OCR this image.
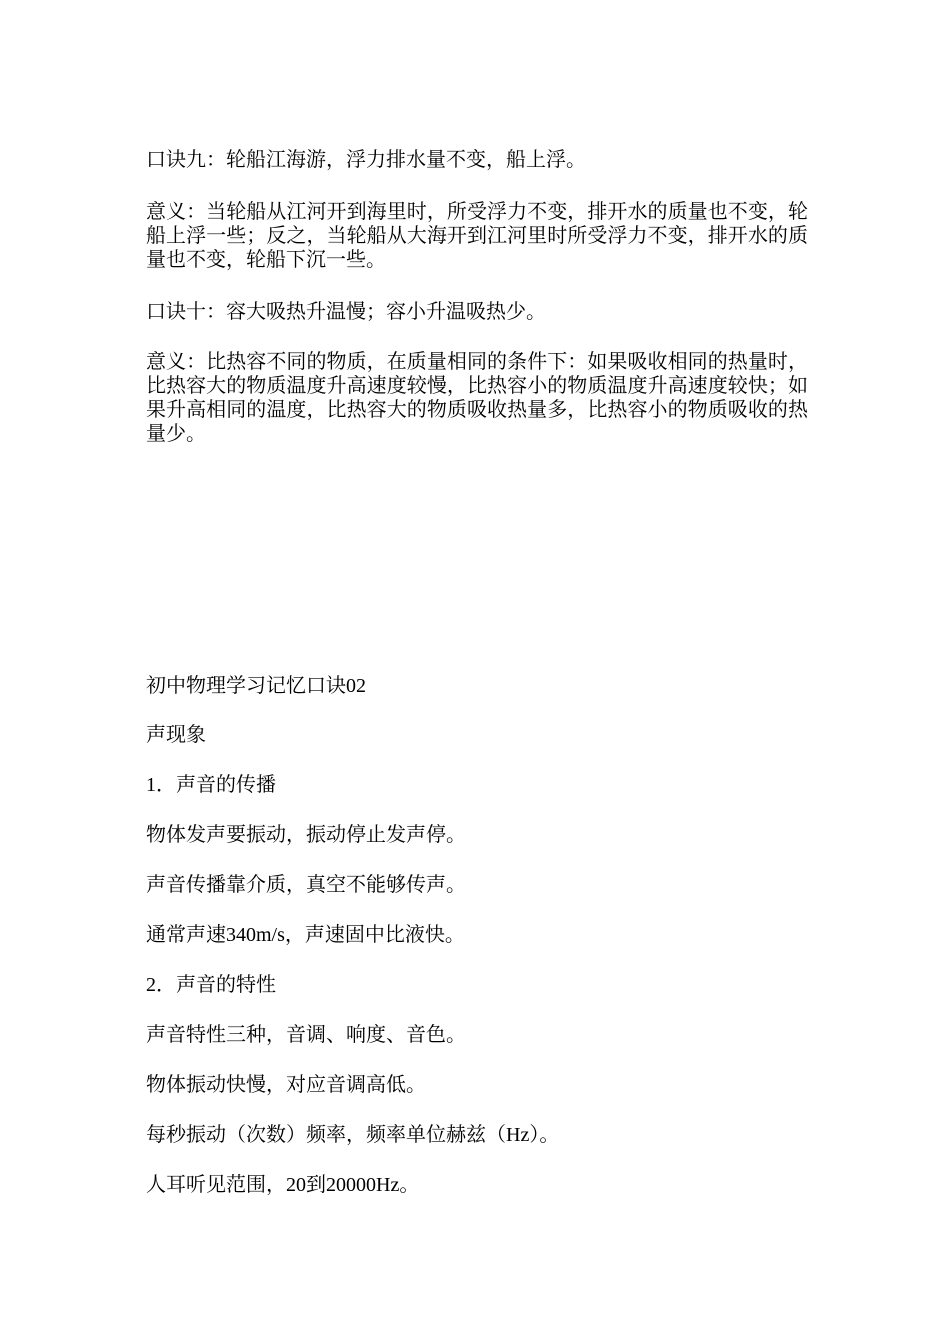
口诀九：轮船江海游，浮力排水量不变，船上浮。

意义：当轮船从江河开到海里时，所受浮力不变，排开水的质量也不变，轮船上浮一些；反之，当轮船从大海开到江河里时所受浮力不变，排开水的质量也不变，轮船下沉一些。

口诀十：容大吸热升温慢；容小升温吸热少。

意义：比热容不同的物质，在质量相同的条件下：如果吸收相同的热量时，比热容大的物质温度升高速度较慢，比热容小的物质温度升高速度较快；如果升高相同的温度，比热容大的物质吸收热量多，比热容小的物质吸收的热量少。

初中物理学习记忆口诀02

声现象

1．声音的传播

物体发声要振动，振动停止发声停。

声音传播靠介质，真空不能够传声。

通常声速340m/s，声速固中比液快。

2．声音的特性

声音特性三种，音调、响度、音色。

物体振动快慢，对应音调高低。

每秒振动（次数）频率，频率单位赫兹（Hz）。

人耳听见范围，20到20000Hz。
